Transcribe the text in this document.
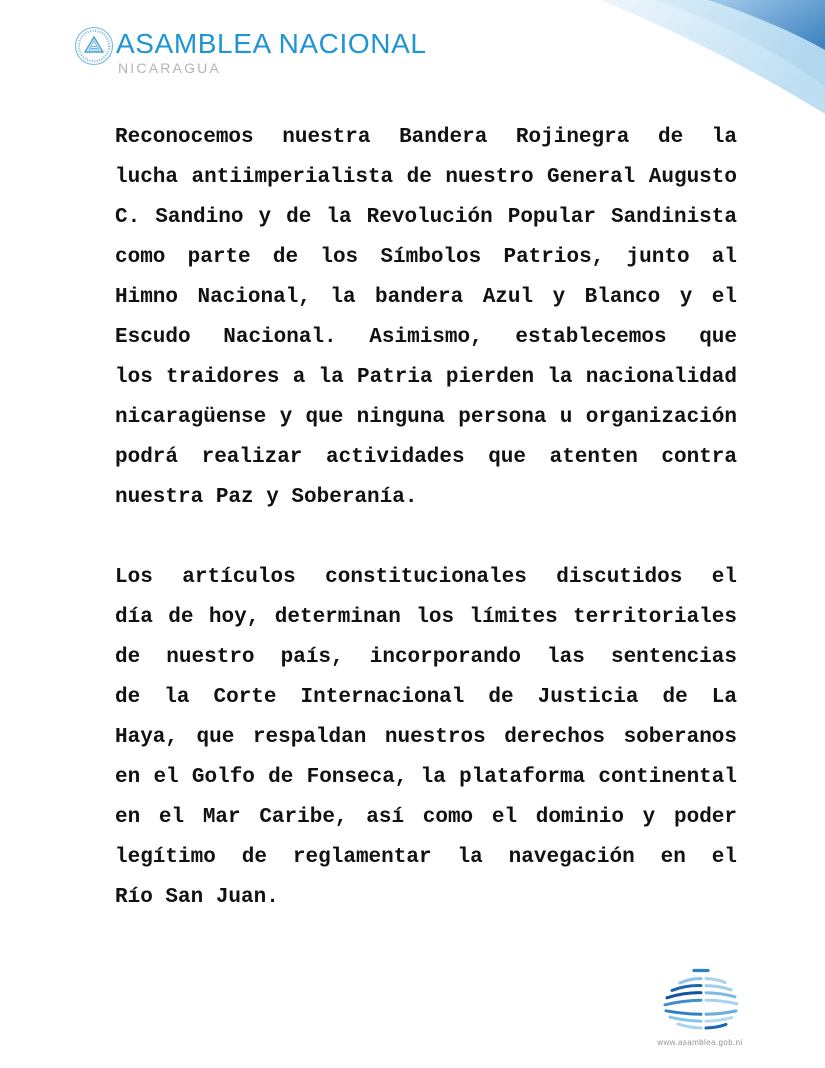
ASAMBLEA NACIONAL
NICARAGUA
Reconocemos nuestra Bandera Rojinegra de la
lucha antiimperialista de nuestro General Augusto
C. Sandino y de la Revolución Popular Sandinista
como parte de los Símbolos Patrios, junto al
Himno Nacional, la bandera Azul y Blanco y el
Escudo Nacional. Asimismo, establecemos que
los traidores a la Patria pierden la nacionalidad
nicaragüense y que ninguna persona u organización
podrá realizar actividades que atenten contra
nuestra Paz y Soberanía.
Los artículos constitucionales discutidos el
día de hoy, determinan los límites territoriales
de nuestro país, incorporando las sentencias
de la Corte Internacional de Justicia de La
Haya, que respaldan nuestros derechos soberanos
en el Golfo de Fonseca, la plataforma continental
en el Mar Caribe, así como el dominio y poder
legítimo de reglamentar la navegación en el
Río San Juan.
www.asamblea.gob.ni
